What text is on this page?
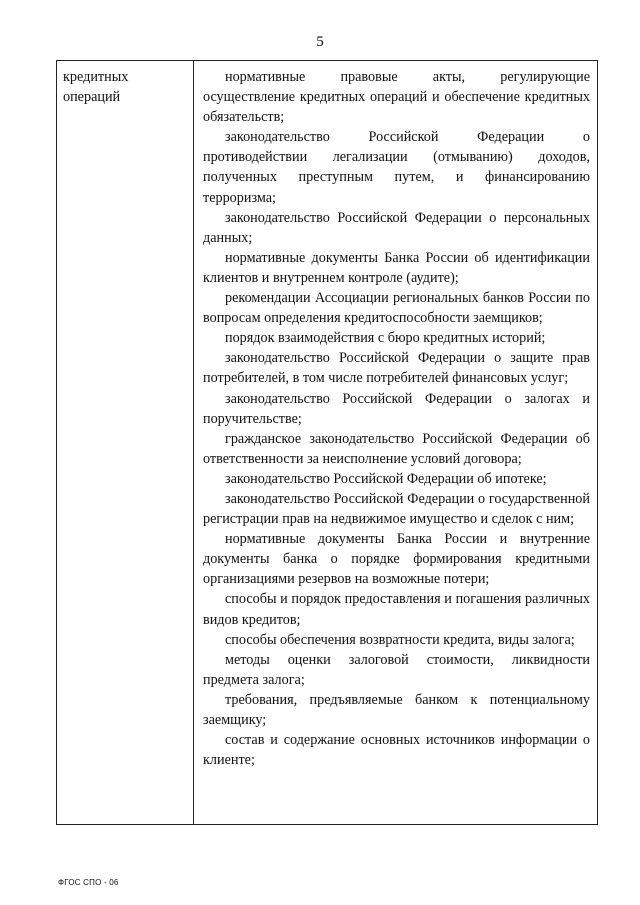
5
кредитных операций

нормативные правовые акты, регулирующие осуществление кредитных операций и обеспечение кредитных обязательств;

законодательство Российской Федерации о противодействии легализации (отмыванию) доходов, полученных преступным путем, и финансированию терроризма;

законодательство Российской Федерации о персональных данных;

нормативные документы Банка России об идентификации клиентов и внутреннем контроле (аудите);

рекомендации Ассоциации региональных банков России по вопросам определения кредитоспособности заемщиков;

порядок взаимодействия с бюро кредитных историй;

законодательство Российской Федерации о защите прав потребителей, в том числе потребителей финансовых услуг;

законодательство Российской Федерации о залогах и поручительстве;

гражданское законодательство Российской Федерации об ответственности за неисполнение условий договора;

законодательство Российской Федерации об ипотеке;

законодательство Российской Федерации о государственной регистрации прав на недвижимое имущество и сделок с ним;

нормативные документы Банка России и внутренние документы банка о порядке формирования кредитными организациями резервов на возможные потери;

способы и порядок предоставления и погашения различных видов кредитов;

способы обеспечения возвратности кредита, виды залога;

методы оценки залоговой стоимости, ликвидности предмета залога;

требования, предъявляемые банком к потенциальному заемщику;

состав и содержание основных источников информации о клиенте;

ФГОС СПО - 06
